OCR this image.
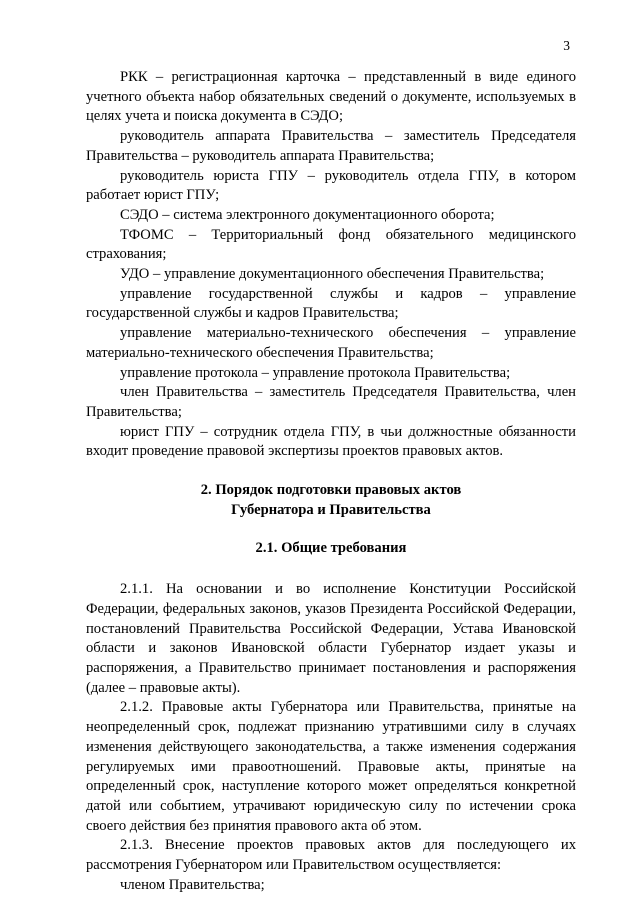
3

РКК – регистрационная карточка – представленный в виде единого учетного объекта набор обязательных сведений о документе, используемых в целях учета и поиска документа в СЭДО;

руководитель аппарата Правительства – заместитель Председателя Правительства – руководитель аппарата Правительства;

руководитель юриста ГПУ – руководитель отдела ГПУ, в котором работает юрист ГПУ;

СЭДО – система электронного документационного оборота;

ТФОМС – Территориальный фонд обязательного медицинского страхования;

УДО – управление документационного обеспечения Правительства;

управление государственной службы и кадров – управление государственной службы и кадров Правительства;

управление материально-технического обеспечения – управление материально-технического обеспечения Правительства;

управление протокола – управление протокола Правительства;

член Правительства – заместитель Председателя Правительства, член Правительства;

юрист ГПУ – сотрудник отдела ГПУ, в чьи должностные обязанности входит проведение правовой экспертизы проектов правовых актов.

2. Порядок подготовки правовых актов
Губернатора и Правительства
2.1. Общие требования

2.1.1. На основании и во исполнение Конституции Российской Федерации, федеральных законов, указов Президента Российской Федерации, постановлений Правительства Российской Федерации, Устава Ивановской области и законов Ивановской области Губернатор издает указы и распоряжения, а Правительство принимает постановления и распоряжения (далее – правовые акты).

2.1.2. Правовые акты Губернатора или Правительства, принятые на неопределенный срок, подлежат признанию утратившими силу в случаях изменения действующего законодательства, а также изменения содержания регулируемых ими правоотношений. Правовые акты, принятые на определенный срок, наступление которого может определяться конкретной датой или событием, утрачивают юридическую силу по истечении срока своего действия без принятия правового акта об этом.

2.1.3. Внесение проектов правовых актов для последующего их рассмотрения Губернатором или Правительством осуществляется:

членом Правительства;
